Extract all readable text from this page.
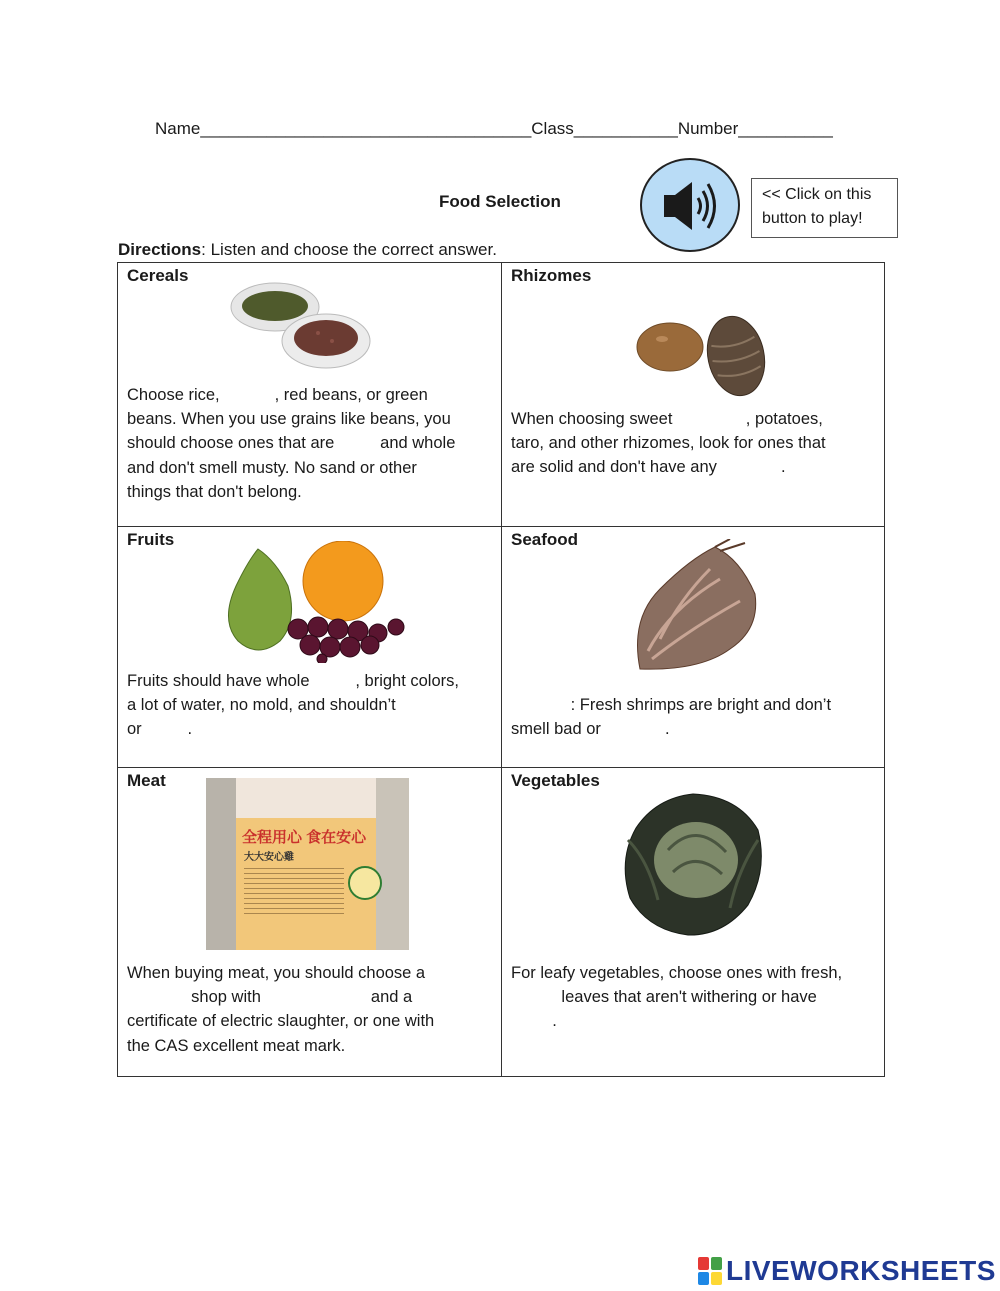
Name___________________________________Class___________Number__________
Food Selection	<< Click on this
button to play!
Directions: Listen and choose the correct answer.
Cereals
Choose rice,            , red beans, or green
beans. When you use grains like beans, you
should choose ones that are          and whole
and don't smell musty. No sand or other
things that don't belong.
Rhizomes
When choosing sweet                , potatoes,
taro, and other rhizomes, look for ones that
are solid and don't have any              .
Fruits
Fruits should have whole          , bright colors,
a lot of water, no mold, and shouldn’t
or          .
Seafood
: Fresh shrimps are bright and don’t
smell bad or              .
Meat
全程用心 食在安心
大大安心雞
When buying meat, you should choose a
shop with                        and a
certificate of electric slaughter, or one with
the CAS excellent meat mark.
Vegetables
For leafy vegetables, choose ones with fresh,
leaves that aren't withering or have
.
LIVEWORKSHEETS
